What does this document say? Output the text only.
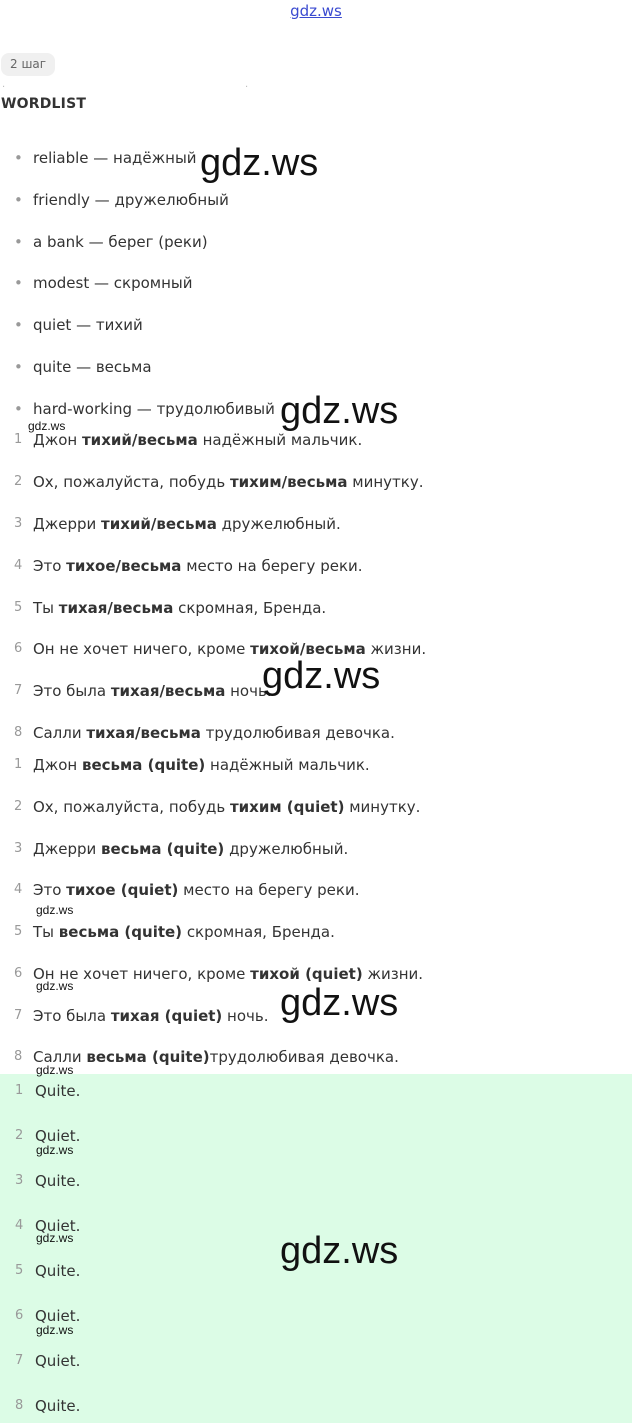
gdz.ws
2 шаг
·	·
WORDLIST
• reliable — надёжный
• friendly — дружелюбный
• a bank — берег (реки)
• modest — скромный
• quiet — тихий
• quite — весьма
• hard-working — трудолюбивый
1 Джон тихий/весьма надёжный мальчик.
2 Ох, пожалуйста, побудь тихим/весьма минутку.
3 Джерри тихий/весьма дружелюбный.
4 Это тихое/весьма место на берегу реки.
5 Ты тихая/весьма скромная, Бренда.
6 Он не хочет ничего, кроме тихой/весьма жизни.
7 Это была тихая/весьма ночь.
8 Салли тихая/весьма трудолюбивая девочка.
1 Джон весьма (quite) надёжный мальчик.
2 Ох, пожалуйста, побудь тихим (quiet) минутку.
3 Джерри весьма (quite) дружелюбный.
4 Это тихое (quiet) место на берегу реки.
5 Ты весьма (quite) скромная, Бренда.
6 Он не хочет ничего, кроме тихой (quiet) жизни.
7 Это была тихая (quiet) ночь.
8 Салли весьма (quite)трудолюбивая девочка.
1 Quite.
2 Quiet.
3 Quite.
4 Quiet.
5 Quite.
6 Quiet.
7 Quiet.
8 Quite.
gdz.ws
gdz.ws
gdz.ws
gdz.ws
gdz.ws
gdz.ws	gdz.ws
gdz.ws
gdz.ws
gdz.ws	gdz.ws
gdz.ws
